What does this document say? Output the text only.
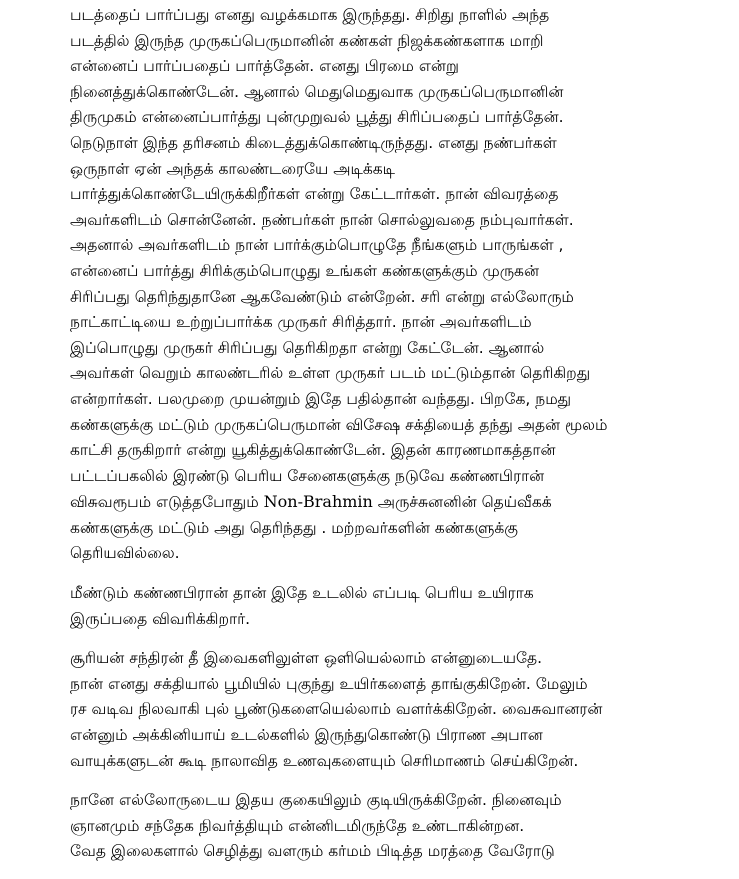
படத்தைப் பார்ப்பது எனது வழக்கமாக இருந்தது. சிறிது நாளில் அந்த
படத்தில் இருந்த முருகப்பெருமானின் கண்கள் நிஜக்கண்களாக மாறி
என்னைப் பார்ப்பதைப் பார்த்தேன். எனது பிரமை என்று
நினைத்துக்கொண்டேன். ஆனால் மெதுமெதுவாக முருகப்பெருமானின்
திருமுகம் என்னைப்பார்த்து புன்முறுவல் பூத்து சிரிப்பதைப் பார்த்தேன்.
நெடுநாள் இந்த தரிசனம் கிடைத்துக்கொண்டிருந்தது. எனது நண்பர்கள்
ஒருநாள் ஏன் அந்தக் காலண்டரையே அடிக்கடி
பார்த்துக்கொண்டேயிருக்கிறீர்கள் என்று கேட்டார்கள். நான் விவரத்தை
அவர்களிடம் சொன்னேன். நண்பர்கள் நான் சொல்லுவதை நம்புவார்கள்.
அதனால் அவர்களிடம் நான் பார்க்கும்பொழுதே நீங்களும் பாருங்கள் ,
என்னைப் பார்த்து சிரிக்கும்பொழுது உங்கள் கண்களுக்கும் முருகன்
சிரிப்பது தெரிந்துதானே ஆகவேண்டும் என்றேன். சரி என்று எல்லோரும்
நாட்காட்டியை உற்றுப்பார்க்க முருகர் சிரித்தார். நான் அவர்களிடம்
இப்பொழுது முருகர் சிரிப்பது தெரிகிறதா என்று கேட்டேன். ஆனால்
அவர்கள் வெறும் காலண்டரில் உள்ள முருகர் படம் மட்டும்தான் தெரிகிறது
என்றார்கள். பலமுறை முயன்றும் இதே பதில்தான் வந்தது. பிறகே, நமது
கண்களுக்கு மட்டும் முருகப்பெருமான் விசேஷ சக்தியைத் தந்து அதன் மூலம்
காட்சி தருகிறார் என்று யூகித்துக்கொண்டேன். இதன் காரணமாகத்தான்
பட்டப்பகலில் இரண்டு பெரிய சேனைகளுக்கு நடுவே கண்ணபிரான்
விசுவரூபம் எடுத்தபோதும் Non-Brahmin அருச்சுனனின் தெய்வீகக்
கண்களுக்கு மட்டும் அது தெரிந்தது . மற்றவர்களின் கண்களுக்கு
தெரியவில்லை.
மீண்டும் கண்ணபிரான் தான் இதே உடலில் எப்படி பெரிய உயிராக
இருப்பதை விவரிக்கிறார்.
சூரியன் சந்திரன் தீ இவைகளிலுள்ள ஒளியெல்லாம் என்னுடையதே.
நான் எனது சக்தியால் பூமியில் புகுந்து உயிர்களைத் தாங்குகிறேன். மேலும்
ரச வடிவ நிலவாகி புல் பூண்டுகளையெல்லாம் வளர்க்கிறேன். வைசுவானரன்
என்னும் அக்கினியாய் உடல்களில் இருந்துகொண்டு பிராண அபான
வாயுக்களுடன் கூடி நாலாவித உணவுகளையும் செரிமாணம் செய்கிறேன்.
நானே எல்லோருடைய இதய குகையிலும் குடியிருக்கிறேன். நினைவும்
ஞானமும் சந்தேக நிவர்த்தியும் என்னிடமிருந்தே உண்டாகின்றன.
வேத இலைகளால் செழித்து வளரும் கர்மம் பிடித்த மரத்தை வேரோடு
